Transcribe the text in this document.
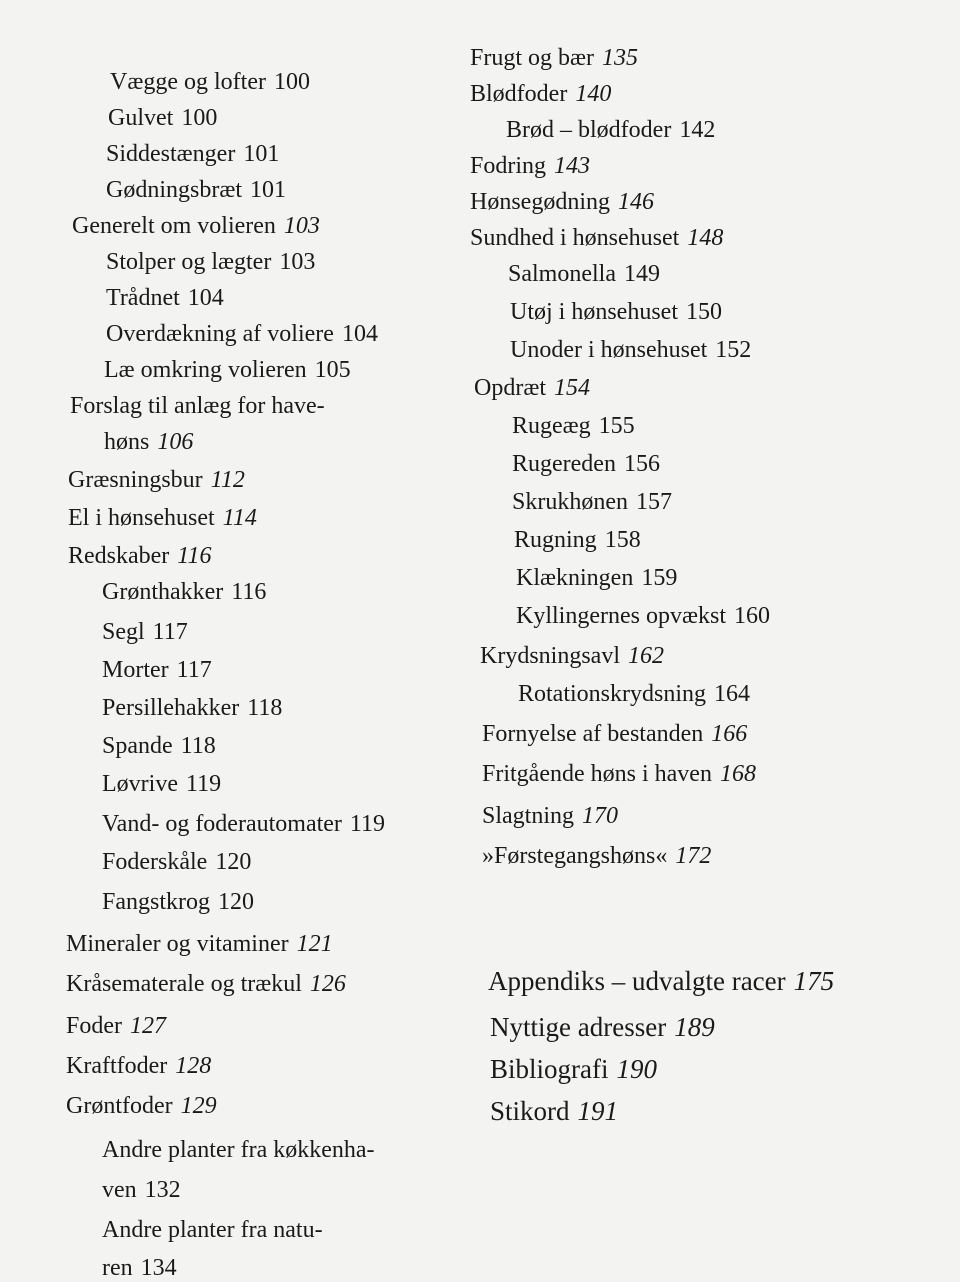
Vægge og lofter 100
Gulvet 100
Siddestænger 101
Gødningsbræt 101
Generelt om volieren 103
Stolper og lægter 103
Trådnet 104
Overdækning af voliere 104
Læ omkring volieren 105
Forslag til anlæg for have-
høns 106
Græsningsbur 112
El i hønsehuset 114
Redskaber 116
Grønthakker 116
Segl 117
Morter 117
Persillehakker 118
Spande 118
Løvrive 119
Vand- og foderautomater 119
Foderskåle 120
Fangstkrog 120
Mineraler og vitaminer 121
Kråsematerale og trækul 126
Foder 127
Kraftfoder 128
Grøntfoder 129
Andre planter fra køkkenha-
ven 132
Andre planter fra natu-
ren 134
Frugt og bær 135
Blødfoder 140
Brød – blødfoder 142
Fodring 143
Hønsegødning 146
Sundhed i hønsehuset 148
Salmonella 149
Utøj i hønsehuset 150
Unoder i hønsehuset 152
Opdræt 154
Rugeæg 155
Rugereden 156
Skrukhønen 157
Rugning 158
Klækningen 159
Kyllingernes opvækst 160
Krydsningsavl 162
Rotationskrydsning 164
Fornyelse af bestanden 166
Fritgående høns i haven 168
Slagtning 170
»Førstegangshøns« 172
Appendiks – udvalgte racer 175
Nyttige adresser 189
Bibliografi 190
Stikord 191
